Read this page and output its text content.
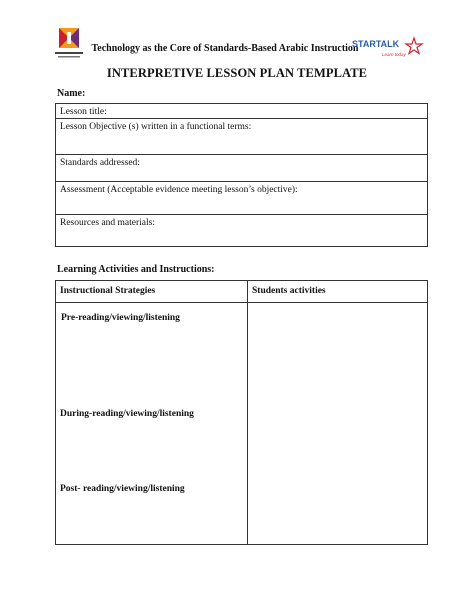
Technology as the Core of Standards-Based Arabic Instruction
STARTALK
Learn today
INTERPRETIVE LESSON PLAN TEMPLATE
Name:
Lesson title:
Lesson Objective (s) written in a functional terms:
Standards addressed:
Assessment (Acceptable evidence meeting lesson’s objective):
Resources and materials:
Learning Activities and Instructions:
Instructional Strategies	Students activities

Pre-reading/viewing/listening
During-reading/viewing/listening
Post- reading/viewing/listening	
